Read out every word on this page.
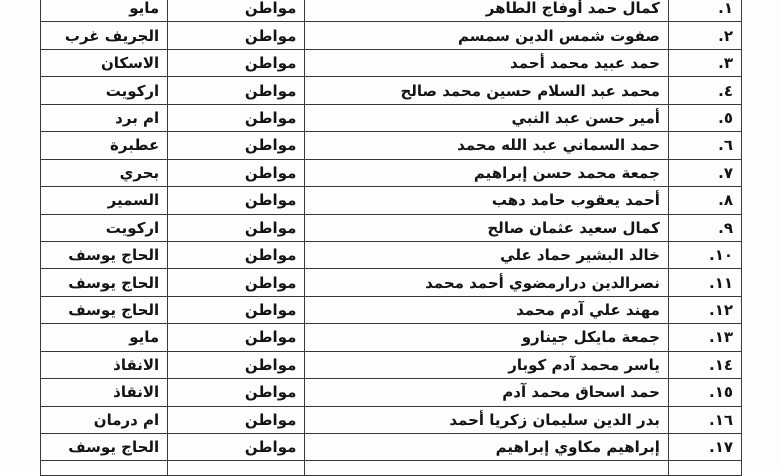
١.	كمال حمد أوفاج الطاهر	مواطن	مايو
٢.	صفوت شمس الدين سمسم	مواطن	الجريف غرب
٣.	حمد عبيد محمد أحمد	مواطن	الاسكان
٤.	محمد عبد السلام حسين محمد صالح	مواطن	اركويت
٥.	أمير حسن عبد النبي	مواطن	ام برد
٦.	حمد السماني عبد الله محمد	مواطن	عطبرة
٧.	جمعة محمد حسن إبراهيم	مواطن	بحري
٨.	أحمد يعقوب حامد دهب	مواطن	السمير
٩.	كمال سعيد عثمان صالح	مواطن	اركويت
١٠.	خالد البشير حماد علي	مواطن	الحاج يوسف
١١.	نصرالدين درارمضوي أحمد محمد	مواطن	الحاج يوسف
١٢.	مهند علي آدم محمد	مواطن	الحاج يوسف
١٣.	جمعة مايكل جينارو	مواطن	مايو
١٤.	ياسر محمد آدم كوبار	مواطن	الانقاذ
١٥.	حمد اسحاق محمد آدم	مواطن	الانقاذ
١٦.	بدر الدين سليمان زكريا أحمد	مواطن	ام درمان
١٧.	إبراهيم مكاوي إبراهيم	مواطن	الحاج يوسف
